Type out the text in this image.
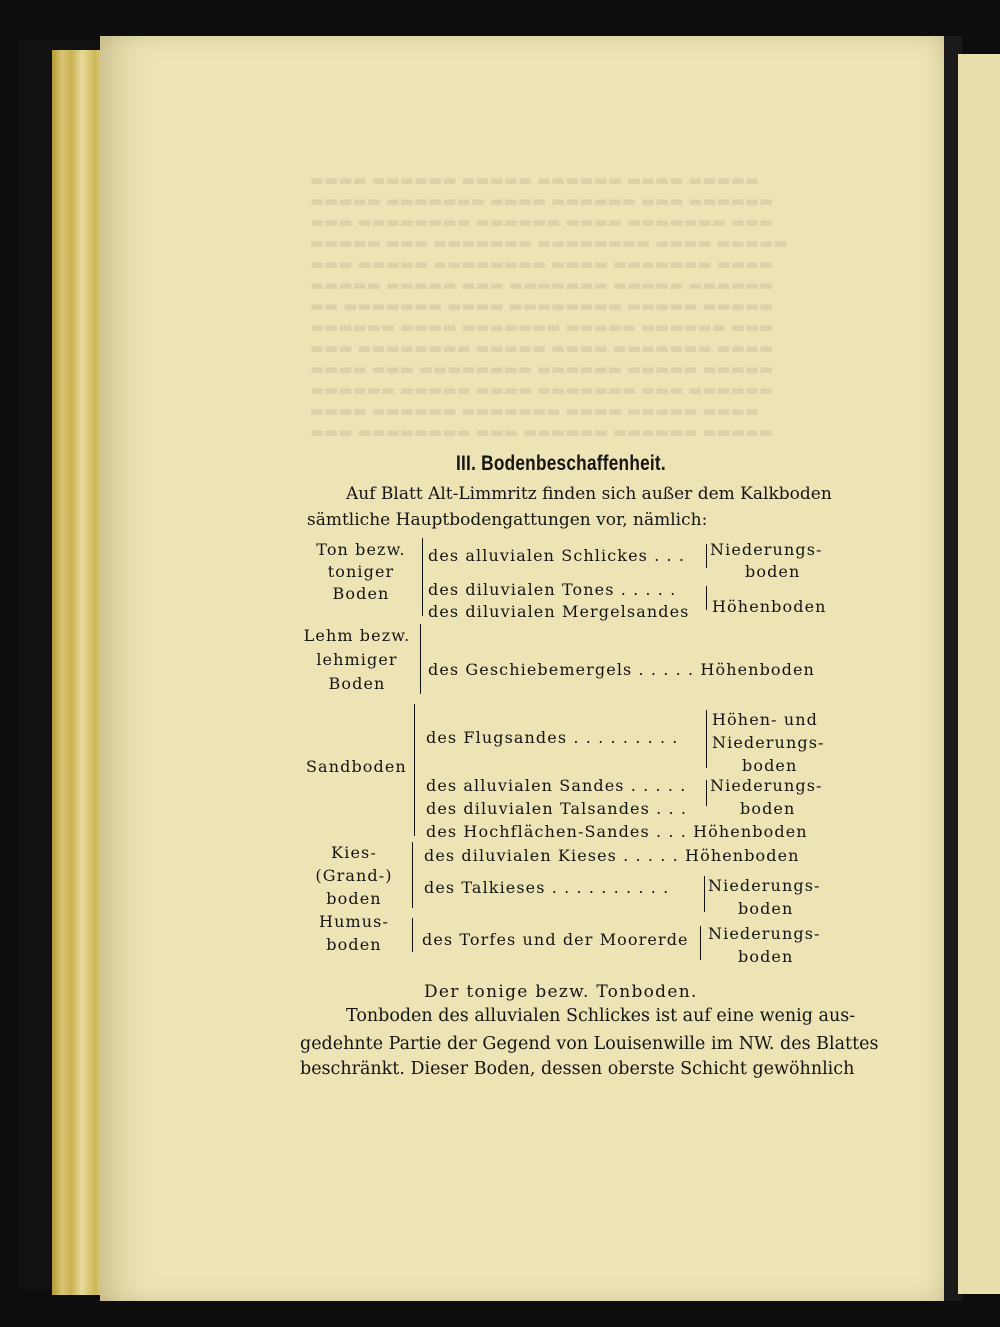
▬▬▬▬ ▬▬▬▬▬▬ ▬▬▬▬▬ ▬▬▬▬▬▬ ▬▬▬▬ ▬▬▬▬▬
▬▬▬▬▬ ▬▬▬▬▬▬▬ ▬▬▬▬ ▬▬▬▬▬▬ ▬▬▬ ▬▬▬▬▬▬
▬▬▬ ▬▬▬▬▬▬▬▬ ▬▬▬▬▬▬ ▬▬▬▬ ▬▬▬▬▬▬▬ ▬▬▬
▬▬▬▬▬ ▬▬▬ ▬▬▬▬▬▬▬ ▬▬▬▬▬▬▬▬ ▬▬▬▬ ▬▬▬▬▬
▬▬▬ ▬▬▬▬▬ ▬▬▬▬▬▬▬▬ ▬▬▬▬ ▬▬▬▬▬▬▬ ▬▬▬▬
▬▬▬▬▬ ▬▬▬▬▬ ▬▬▬ ▬▬▬▬▬▬▬ ▬▬▬▬▬ ▬▬▬▬▬▬
▬▬ ▬▬▬▬▬▬▬ ▬▬▬▬ ▬▬▬▬▬▬▬▬ ▬▬▬▬▬ ▬▬▬▬▬
▬▬▬▬▬▬ ▬▬▬▬ ▬▬▬▬▬▬▬ ▬▬▬▬▬ ▬▬▬▬▬▬ ▬▬▬
▬▬▬ ▬▬▬▬▬▬▬▬ ▬▬▬▬▬ ▬▬▬▬ ▬▬▬▬▬▬▬ ▬▬▬▬
▬▬▬▬ ▬▬▬ ▬▬▬▬▬▬▬▬ ▬▬▬▬▬▬ ▬▬▬▬▬ ▬▬▬▬▬
▬▬▬▬▬▬ ▬▬▬▬▬ ▬▬▬▬ ▬▬▬▬▬▬▬ ▬▬▬ ▬▬▬▬▬▬
▬▬▬▬ ▬▬▬▬▬▬ ▬▬▬▬▬▬▬ ▬▬▬▬ ▬▬▬▬▬ ▬▬▬▬
▬▬▬ ▬▬▬▬▬▬▬▬ ▬▬▬ ▬▬▬▬▬▬ ▬▬▬▬▬▬ ▬▬▬▬▬
III. Bodenbeschaffenheit.
Auf Blatt Alt-Limmritz finden sich außer dem Kalkboden
sämtliche Hauptbodengattungen vor, nämlich:
Ton bezw.
toniger
Boden
des alluvialen Schlickes . . .
des diluvialen Tones . . . . .
des diluvialen Mergelsandes
Niederungs-
boden
Höhenboden
Lehm bezw.
lehmiger
Boden
des Geschiebemergels . . . . . Höhenboden
Sandboden
des Flugsandes . . . . . . . . .
des alluvialen Sandes . . . . .
des diluvialen Talsandes . . .
des Hochflächen-Sandes . . . Höhenboden
Höhen- und
Niederungs-
boden
Niederungs-
boden
Kies-
(Grand-)
boden
des diluvialen Kieses . . . . . Höhenboden
des Talkieses . . . . . . . . . . Niederungs-
boden
Humus-
boden	des Torfes und der Moorerde Niederungs-
boden
Der tonige bezw. Tonboden.
Tonboden des alluvialen Schlickes ist auf eine wenig aus-
gedehnte Partie der Gegend von Louisenwille im NW. des Blattes
beschränkt. Dieser Boden, dessen oberste Schicht gewöhnlich
